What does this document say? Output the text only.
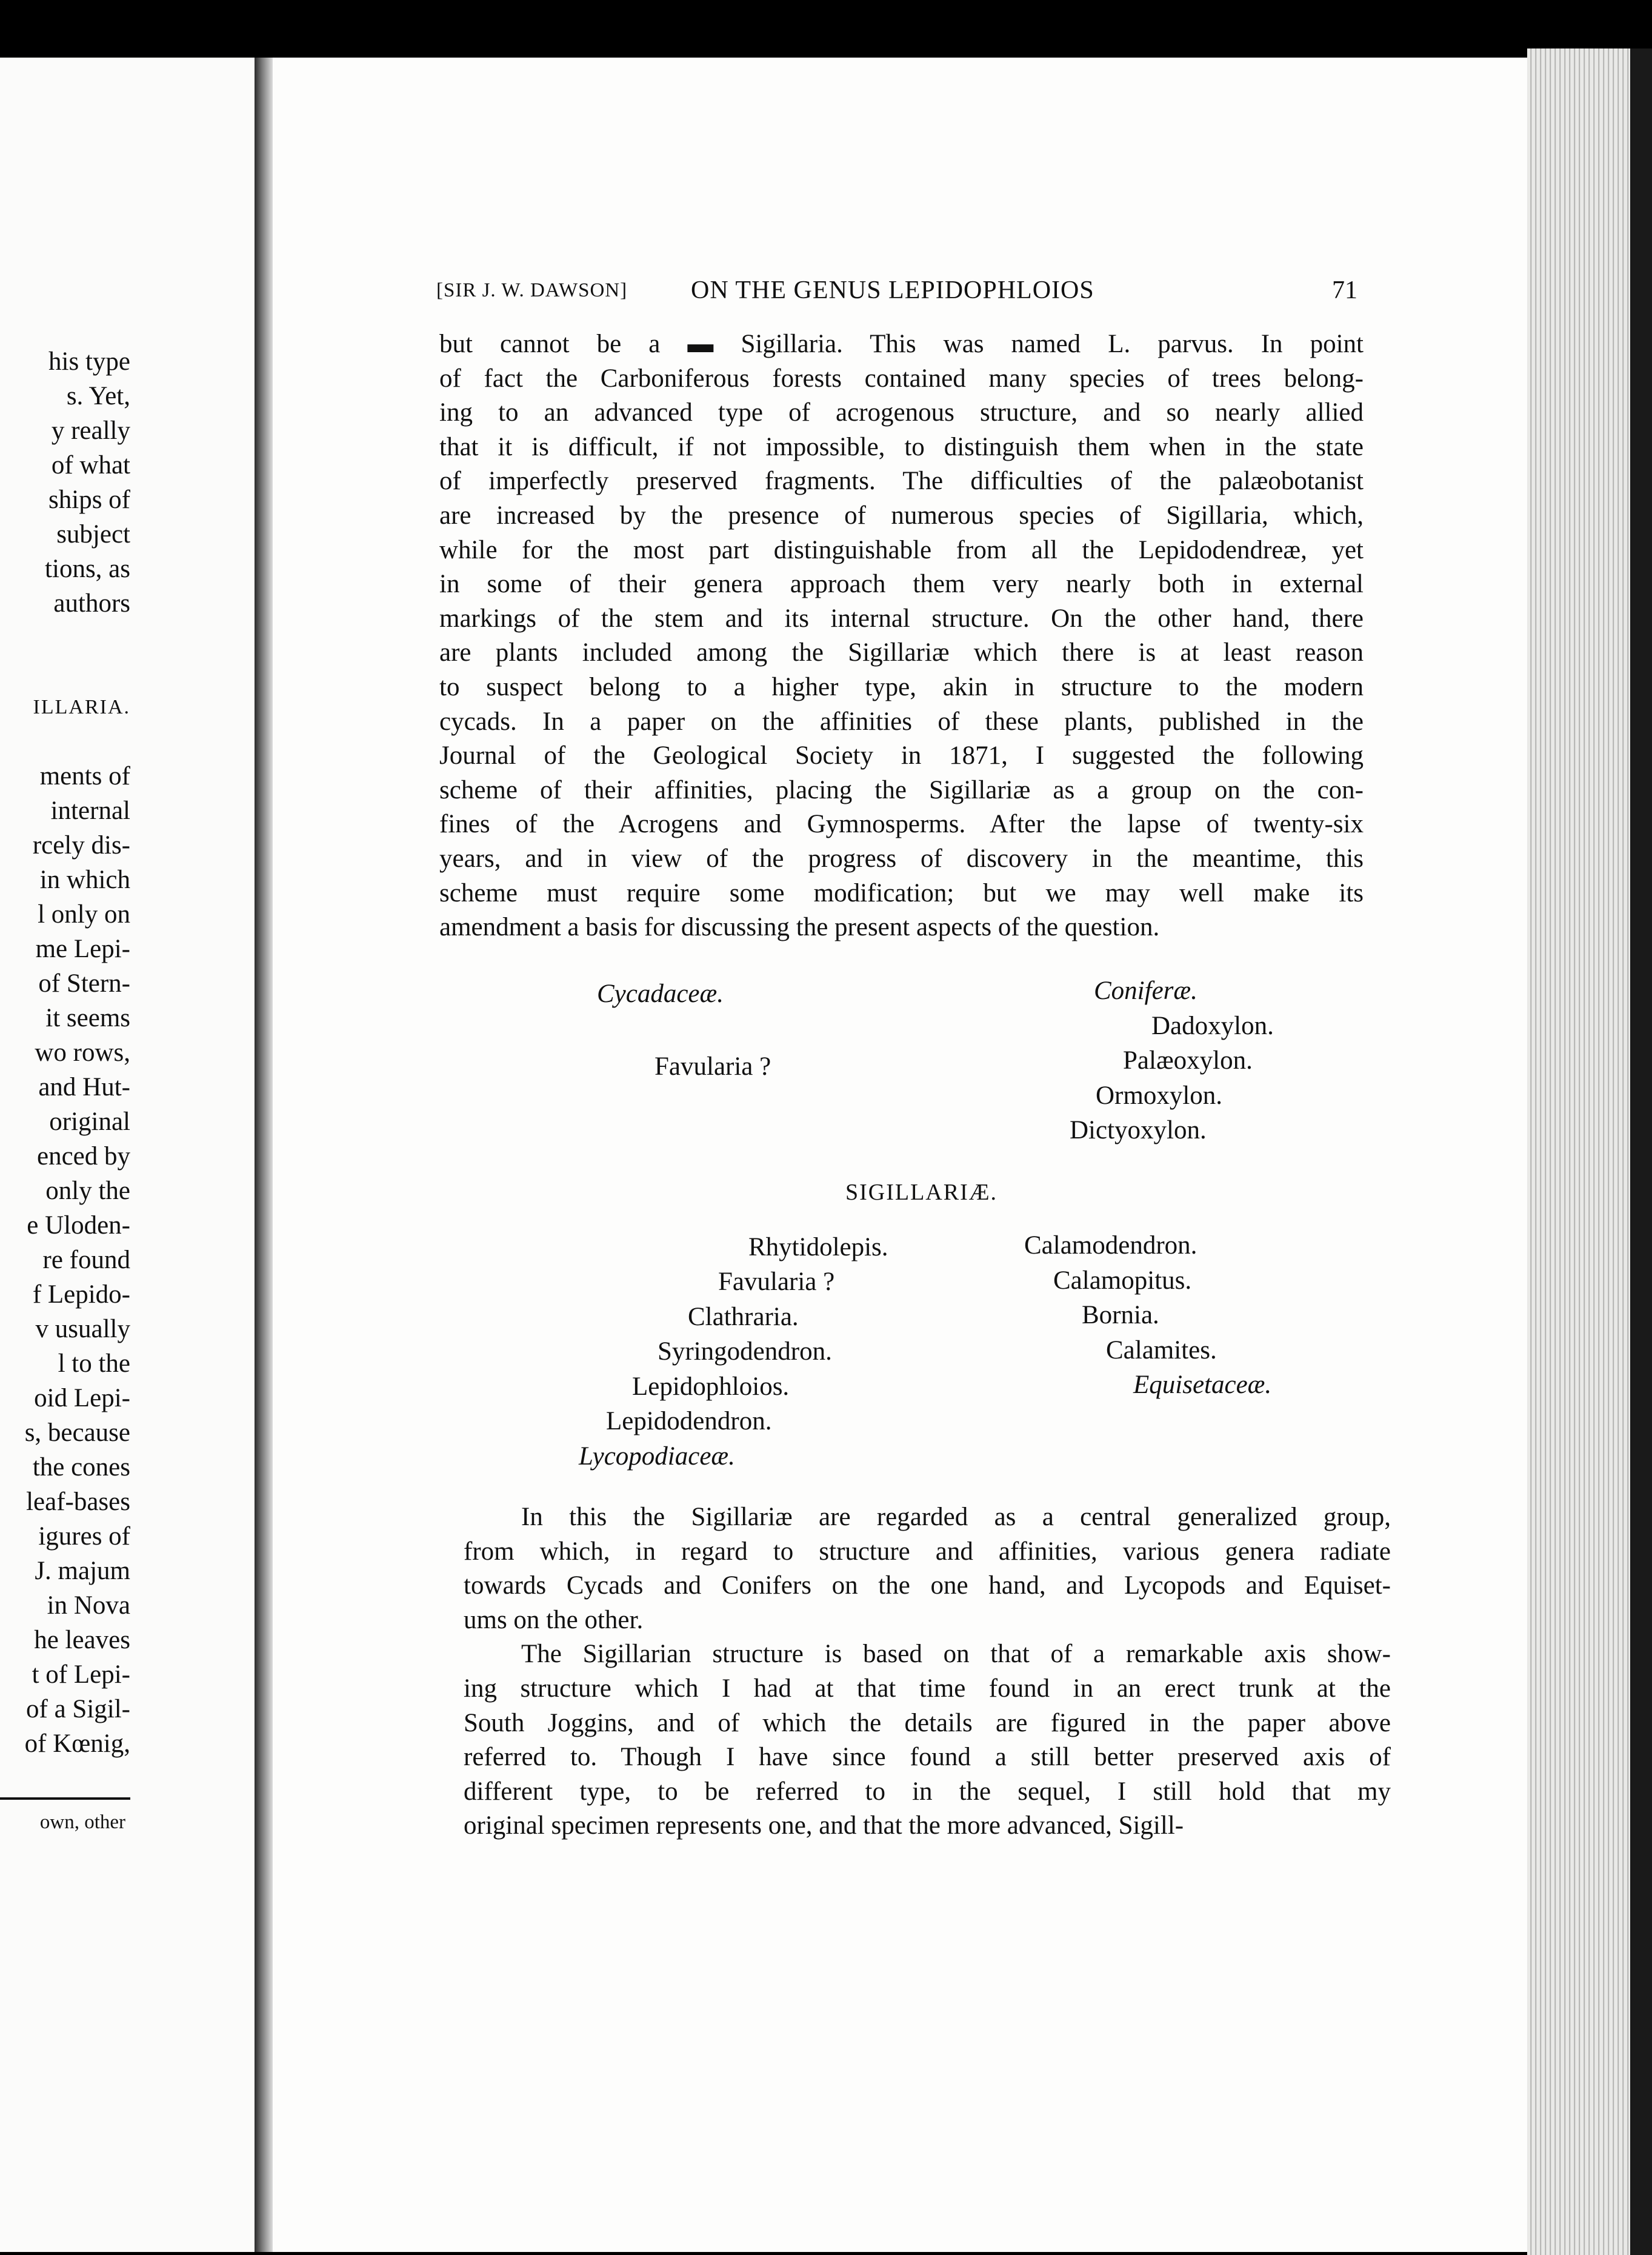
his type
s. Yet,
y really
of what
ships of
subject
tions, as
authors
ILLARIA.
ments of
internal
rcely dis-
in which
l only on
me Lepi-
of Stern-
it seems
wo rows,
and Hut-
original
enced by
only the
e Uloden-
re found
f Lepido-
v usually
l to the
oid Lepi-
s, because
the cones
leaf-bases
igures of
J. majum
in Nova
he leaves
t of Lepi-
of a Sigil-
of Kœnig,
own, other
[SIR J. W. DAWSON] ON THE GENUS LEPIDOPHLOIOS	71
but cannot be a ▬ Sigillaria. This was named L. parvus. In point
of fact the Carboniferous forests contained many species of trees belong-
ing to an advanced type of acrogenous structure, and so nearly allied
that it is difficult, if not impossible, to distinguish them when in the state
of imperfectly preserved fragments. The difficulties of the palæobotanist
are increased by the presence of numerous species of Sigillaria, which,
while for the most part distinguishable from all the Lepidodendreæ, yet
in some of their genera approach them very nearly both in external
markings of the stem and its internal structure. On the other hand, there
are plants included among the Sigillariæ which there is at least reason
to suspect belong to a higher type, akin in structure to the modern
cycads. In a paper on the affinities of these plants, published in the
Journal of the Geological Society in 1871, I suggested the following
scheme of their affinities, placing the Sigillariæ as a group on the con-
fines of the Acrogens and Gymnosperms. After the lapse of twenty-six
years, and in view of the progress of discovery in the meantime, this
scheme must require some modification; but we may well make its
amendment a basis for discussing the present aspects of the question.
Cycadaceæ.
Favularia ?
Coniferæ.
Dadoxylon.
Palæoxylon.
Ormoxylon.
Dictyoxylon.
SIGILLARIÆ.
Rhytidolepis.
Favularia ?
Clathraria.
Syringodendron.
Lepidophloios.
Lepidodendron.
Lycopodiaceæ.
Calamodendron.
Calamopitus.
Bornia.
Calamites.
Equisetaceæ.
In this the Sigillariæ are regarded as a central generalized group,
from which, in regard to structure and affinities, various genera radiate
towards Cycads and Conifers on the one hand, and Lycopods and Equiset-
ums on the other.
The Sigillarian structure is based on that of a remarkable axis show-
ing structure which I had at that time found in an erect trunk at the
South Joggins, and of which the details are figured in the paper above
referred to. Though I have since found a still better preserved axis of
different type, to be referred to in the sequel, I still hold that my
original specimen represents one, and that the more advanced, Sigill-
